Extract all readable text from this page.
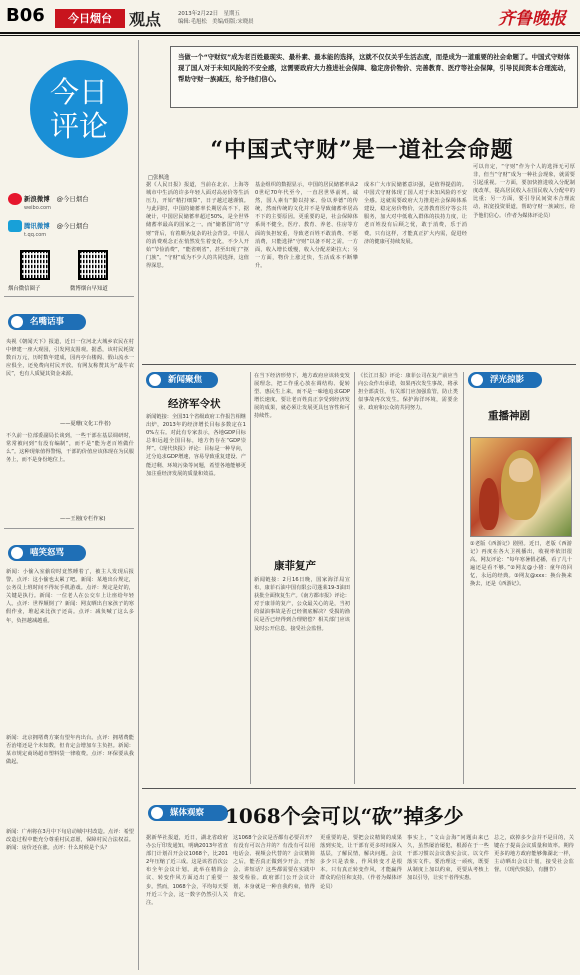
B06	今日烟台	观点	2013年2月22日　星期五
编辑:毛旭松　美编/组版:宋晓晨	齐鲁晚报
今日
评论
新浪微博 @今日烟台
weibo.com
腾讯微博 @今日烟台
t.qq.com
烟台微信圈子	微博烟台早知道
名嘴话事
央视《朝闻天下》报道，近日一位河北大城乡农民在村中修建一座大观园，引发网友围观。据悉，该村民耗资数百万元，历时数年建成，园内亭台楼阁、假山流水一应俱全，还免费向村民开放。有网友称赞其为“最牛农民”，也有人质疑其资金来源。
——夏珊(文化工作者)
不久前一位部委副局长谈到，一些干部在基层调研时，常常被问到“有没有编制”，而不是“能为老百姓做什么”。这种现象值得警惕，干部的价值应该体现在为民服务上，而不是身份地位上。
——王刚(专栏作家)
嘻笑怒骂
新闻：小偷入室偷窃时竟然睡着了，被主人发现后报警。点评：这小偷也太累了吧。新闻：某地出台规定，公务员上班时间不得玩手机游戏。点评：规定是好的，关键是执行。新闻：一位老人在公交车上让座给年轻人。点评：世界颠倒了？新闻：网友晒出自家孩子的寒假作业，堆起来比孩子还高。点评：减负喊了这么多年，负担越减越重。
新闻：北京拥堵费方案有望年内出台。点评：拥堵费能否治堵还是个未知数，但肯定会增加车主负担。新闻：某市规定商场超市塑料袋一律收费。点评：环保要从我做起。
新闻：广州将在3月中下旬启动城中村改造。点评：希望改造过程中能充分尊重村民意愿，保障村民合法权益。新闻：房价还在涨。点评：什么时候是个头？
当做一个“守财奴”成为老百姓最现实、最朴素、最本能的选择，这就不仅仅关乎生活态度，而是成为一道重要的社会命题了。中国式守财体现了国人对于未知风险的不安全感，这需要政府大力推进社会保障、稳定房价物价、完善教育、医疗等社会保障，引导民间资本合理流动，帮助守财一族减压，给予他们信心。
“中国式守财”是一道社会命题
□张枫逸
据《人民日报》报道，当前在北京、上海等城市中生活的许多年轻人面对高房价等生活压力，开始“精打细算”，日子越过越谨慎。与此同时，中国的储蓄率长期居高不下，据统计，中国居民储蓄率超过50%，是全世界储蓄率最高的国家之一。而“储蓄国”的“守财”背后，有着颇为复杂的社会背景。中国人的消费观念正在悄然发生着变化，不少人开始“节俭消费”，“能省则省”，甚至出现了“抠门族”。“守财”成为不少人的共同选择，这值得深思。
基金组织的数据显示，中国的居民储蓄率从20世纪70年代至今，一直居世界前列。诚然，国人素有“勤以持家、俭以养德”的传统，然而传统的文化并不是导致储蓄率居高不下的主要原因。更重要的是，社会保障体系尚不健全，医疗、教育、养老、住房等方面的负担较重，导致老百姓不敢消费、不愿消费，只能选择“守财”以备不时之需。一方面，收入增长缓慢，收入分配差距拉大；另一方面，物价上涨过快，生活成本不断攀升。
成本广大市民储蓄意识强，是值得提倡的。中国式守财体现了国人对于未知风险的不安全感。这就需要政府大力推进社会保障体系建设，稳定房价物价，完善教育医疗等公共服务，加大对中低收入群体的扶持力度，让老百姓没有后顾之忧，敢于消费，乐于消费。只有这样，才能真正扩大内需，促进经济的健康可持续发展。
可以肯定，“守财”作为个人的选择无可厚非，但当“守财”成为一种社会现象，就需要引起重视。一方面，要加快推进收入分配制度改革，提高居民收入在国民收入分配中的比重；另一方面，要引导民间资本合理流动，拓宽投资渠道，帮助守财一族减压，给予他们信心。（作者为媒体评论员）
新闻聚焦
经济军令状
新闻链接：全国31个省级政府工作报告相继出炉，2013年的经济增长目标多数定在10%左右。对此有专家表示，各地GDP目标总和远超全国目标，地方仍存在“GDP崇拜”。《现代快报》评论：目标是一种导向，过分追求GDP增速，容易导致重复建设、产能过剩、环境污染等问题，希望各地能够更加注重经济发展的质量和效益。
在当下经济形势下，地方政府应该转变发展理念，把工作重心放在调结构、促转型、惠民生上来，而不是一味地追求GDP增长速度。要让老百姓真正享受到经济发展的成果，就必须让发展更具包容性和可持续性。
康菲复产
新闻链接：2月16日晚，国家海洋局宣布，康菲石油中国有限公司蓬莱19-3油田获批全面恢复生产。《南方都市报》评论：对于康菲的复产，公众最关心的是，当初的溢油事故是否已经彻底解决？受损的渔民是否已经得到合理赔偿？相关部门应该及时公开信息，接受社会监督。
《长江日报》评论：康菲公司在复产前应当向公众作出承诺，如果再次发生事故，将承担全部责任。有关部门应加强监管，防止类似事故再次发生。保护海洋环境，需要企业、政府和公众的共同努力。
浮光掠影
重播神剧
①老版《西游记》剧照。近日，老版《西游记》再度在各大卫视播出，收视率依旧很高。网友评论：“每年寒暑假必播，看了几十遍还是看不够。”②网友@小猪：童年的回忆，永远的经典。③网友@xxx：换台换来换去，还是《西游记》。
媒体观察	1068个会可以“砍”掉多少
据新华社报道，近日，湖北省政府办公厅印发通知，明确2013年省直部门计划召开会议1068个，比2012年压缩了近三成。这是该省首次公布全年会议计划。此举在精简会议、转变作风方面迈出了重要一步。然而，1068个会，平均每天要开近三个会，这一数字仍然引人关注。
这1068个会议是否都有必要召开？有没有可以合并的？有没有可以用电话会、视频会代替的？会议精简之后，能否真正做到少开会、开短会、讲短话？这些都需要在实践中接受检验。政府部门公开会议计划，本身就是一种自我约束，值得肯定。
更重要的是，要把会议精简的成果落到实处，让干部有更多时间深入基层，了解民情，解决问题。会议多少只是表象，作风转变才是根本。只有真正转变作风，才能赢得群众的信任和支持。（作者为媒体评论员）
事实上，“文山会海”问题由来已久，虽然屡治屡犯，根源在于一些干部习惯以会议落实会议、以文件落实文件。要治理这一顽疾，既要从制度上加以约束，更要从考核上加以引导，让实干者得实惠。
总之，砍掉多少会并不是目的，关键在于提高会议质量和效率。期待更多的地方政府能够像湖北一样，主动晒出会议计划，接受社会监督。（《现代快报》，有删节）
